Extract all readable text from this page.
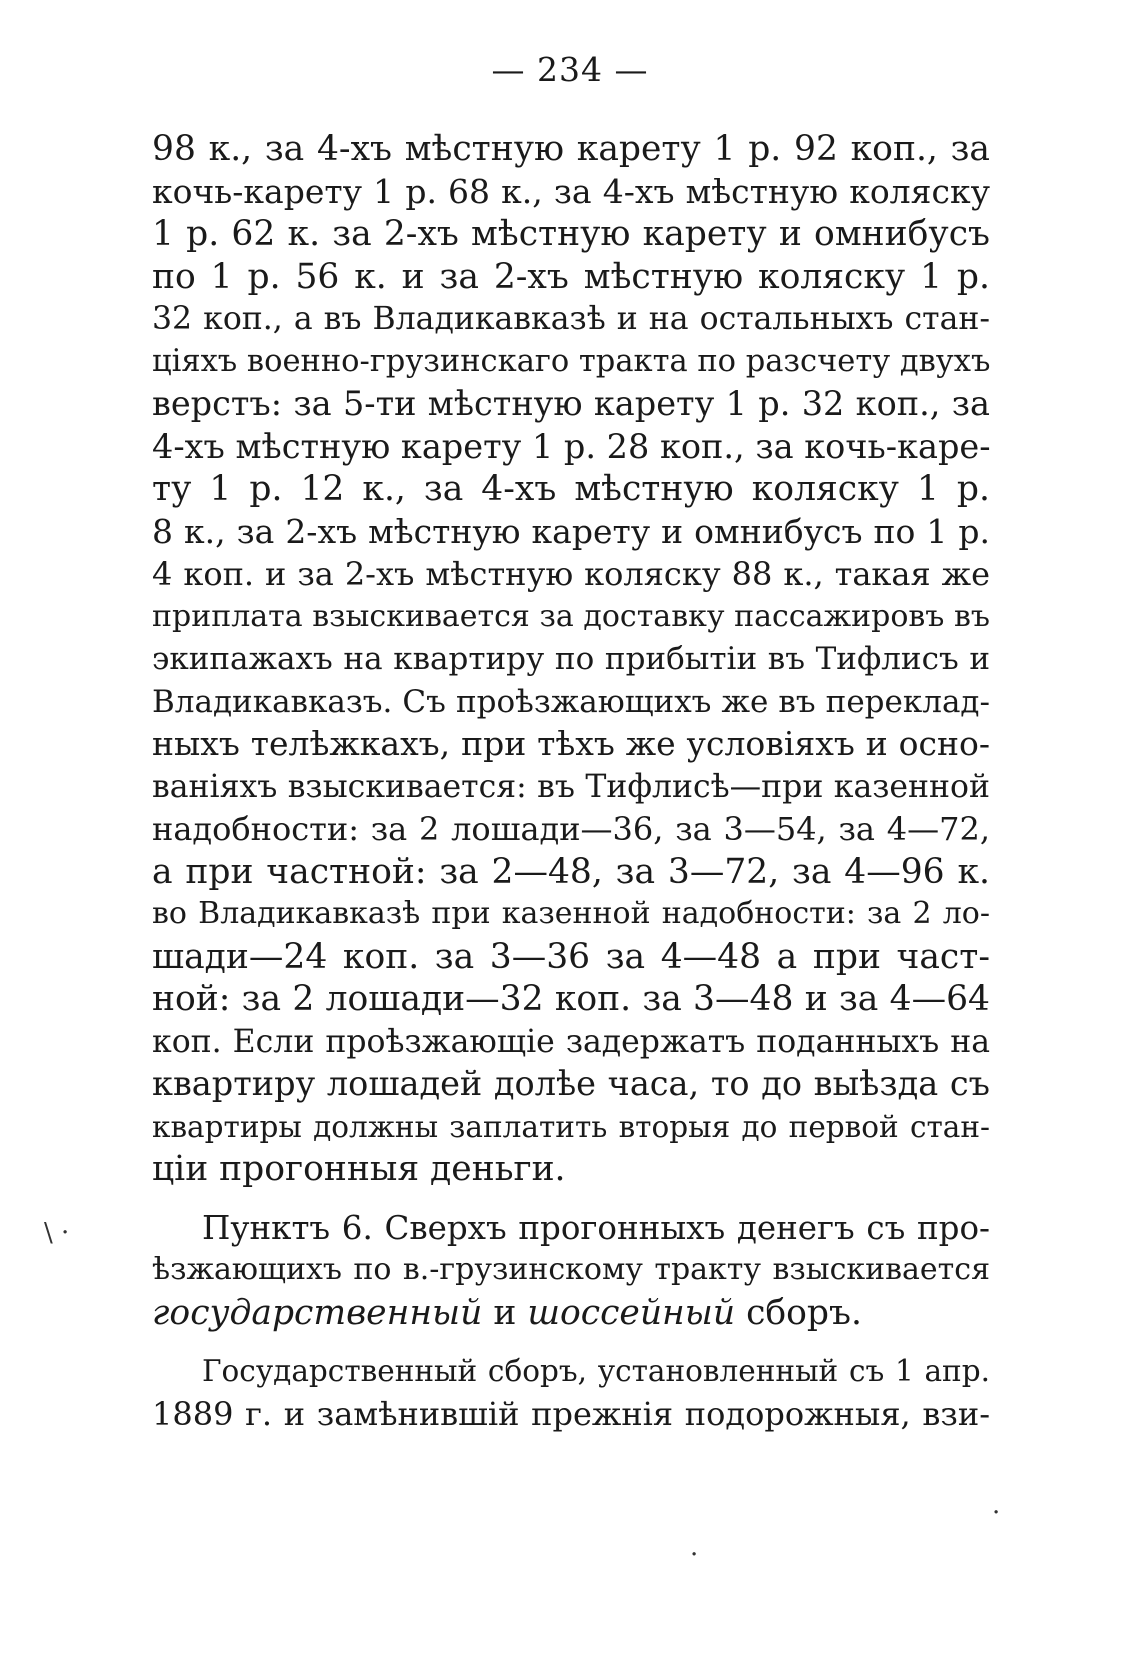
— 234 —
98 к., за 4-хъ мѣстную карету 1 р. 92 коп., за
кочь-карету 1 р. 68 к., за 4-хъ мѣстную коляску
1 р. 62 к. за 2-хъ мѣстную карету и омнибусъ
по 1 р. 56 к. и за 2-хъ мѣстную коляску 1 р.
32 коп., а въ Владикавказѣ и на остальныхъ стан-
ціяхъ военно-грузинскаго тракта по разсчету двухъ
верстъ: за 5-ти мѣстную карету 1 р. 32 коп., за
4-хъ мѣстную карету 1 р. 28 коп., за кочь-каре-
ту 1 р. 12 к., за 4-хъ мѣстную коляску 1 р.
8 к., за 2-хъ мѣстную карету и омнибусъ по 1 р.
4 коп. и за 2-хъ мѣстную коляску 88 к., такая же
приплата взыскивается за доставку пассажировъ въ
экипажахъ на квартиру по прибытіи въ Тифлисъ и
Владикавказъ. Съ проѣзжающихъ же въ переклад-
ныхъ телѣжкахъ, при тѣхъ же условіяхъ и осно-
ваніяхъ взыскивается: въ Тифлисѣ—при казенной
надобности: за 2 лошади—36, за 3—54, за 4—72,
а при частной: за 2—48, за 3—72, за 4—96 к.
во Владикавказѣ при казенной надобности: за 2 ло-
шади—24 коп. за 3—36 за 4—48 а при част-
ной: за 2 лошади—32 коп. за 3—48 и за 4—64
коп. Если проѣзжающіе задержатъ поданныхъ на
квартиру лошадей долѣе часа, то до выѣзда съ
квартиры должны заплатить вторыя до первой стан-
ціи прогонныя деньги.
Пунктъ 6. Сверхъ прогонныхъ денегъ съ про-
ѣзжающихъ по в.-грузинскому тракту взыскивается
государственный и шоссейный сборъ.
Государственный сборъ, установленный съ 1 апр.
1889 г. и замѣнившій прежнія подорожныя, взи-
\ ·
·
·
